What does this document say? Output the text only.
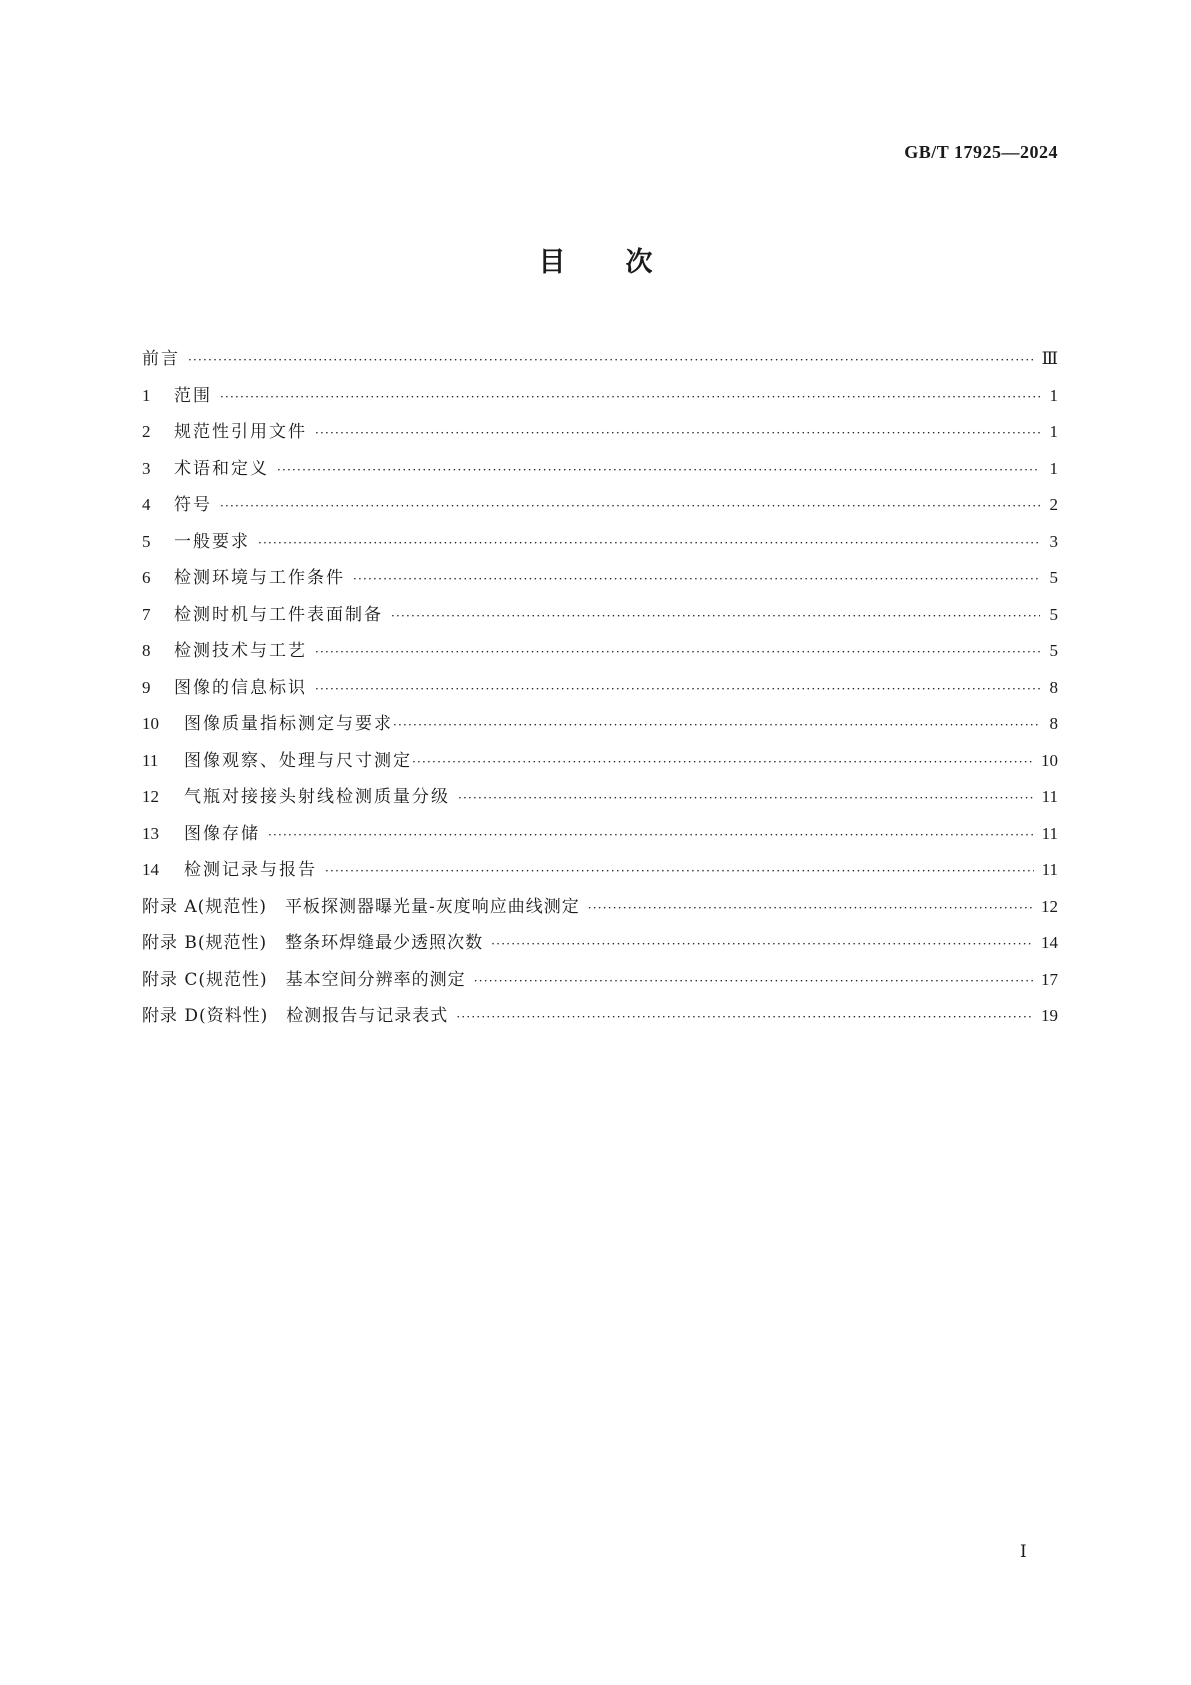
GB/T 17925—2024
目次
前言 ·····	Ⅲ
1	范围 ·····	1
2	规范性引用文件 ·····	1
3	术语和定义 ·····	1
4	符号 ·····	2
5	一般要求 ·····	3
6	检测环境与工作条件 ·····	5
7	检测时机与工件表面制备 ·····	5
8	检测技术与工艺 ·····	5
9	图像的信息标识 ·····	8
10	图像质量指标测定与要求 ·····	8
11	图像观察、处理与尺寸测定 ·····	10
12	气瓶对接接头射线检测质量分级 ·····	11
13	图像存储 ·····	11
14	检测记录与报告 ·····	11
附录 A(规范性)　平板探测器曝光量-灰度响应曲线测定 ·····	12
附录 B(规范性)　整条环焊缝最少透照次数 ·····	14
附录 C(规范性)　基本空间分辨率的测定 ·····	17
附录 D(资料性)　检测报告与记录表式 ·····	19
Ⅰ
